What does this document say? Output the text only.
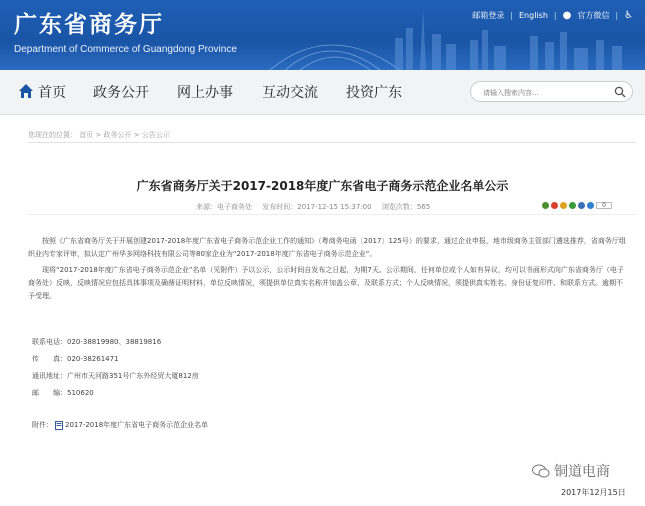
广东省商务厅
Department of Commerce of Guangdong Province
邮箱登录 | English | ● 官方微信 | ♿
首页 政务公开 网上办事 互动交流 投资广东
请输入搜索内容...
您现在的位置： 首页 > 政务公开 > 公告公示
广东省商务厅关于2017-2018年度广东省电子商务示范企业名单公示
来源：电子商务处 发布时间：2017-12-15 15:37:00 浏览次数：565	0

按照《广东省商务厅关于开展创建2017-2018年度广东省电子商务示范企业工作的通知》（粤商务电函〔2017〕125号）的要求，通过企业申报，地市级商务主管部门遴选推荐，省商务厅组织业内专家评审，拟认定广州华多网络科技有限公司等80家企业为“2017-2018年度广东省电子商务示范企业”。

现将“2017-2018年度广东省电子商务示范企业”名单（见附件）予以公示，公示时间自发布之日起，为期7天。公示期间，任何单位或个人如有异议，均可以书面形式向广东省商务厅（电子商务处）反映，反映情况应包括具体事项及确凿证明材料，单位反映情况，须提供单位真实名称并加盖公章，及联系方式；个人反映情况，须提供真实姓名、身份证复印件、和联系方式。逾期不予受理。

联系电话：020-38819980、38819816
传　　真：020-38261471
通讯地址：广州市天河路351号广东外经贸大厦812房
邮　　编：510620
附件： 2017-2018年度广东省电子商务示范企业名单
铜道电商
2017年12月15日
